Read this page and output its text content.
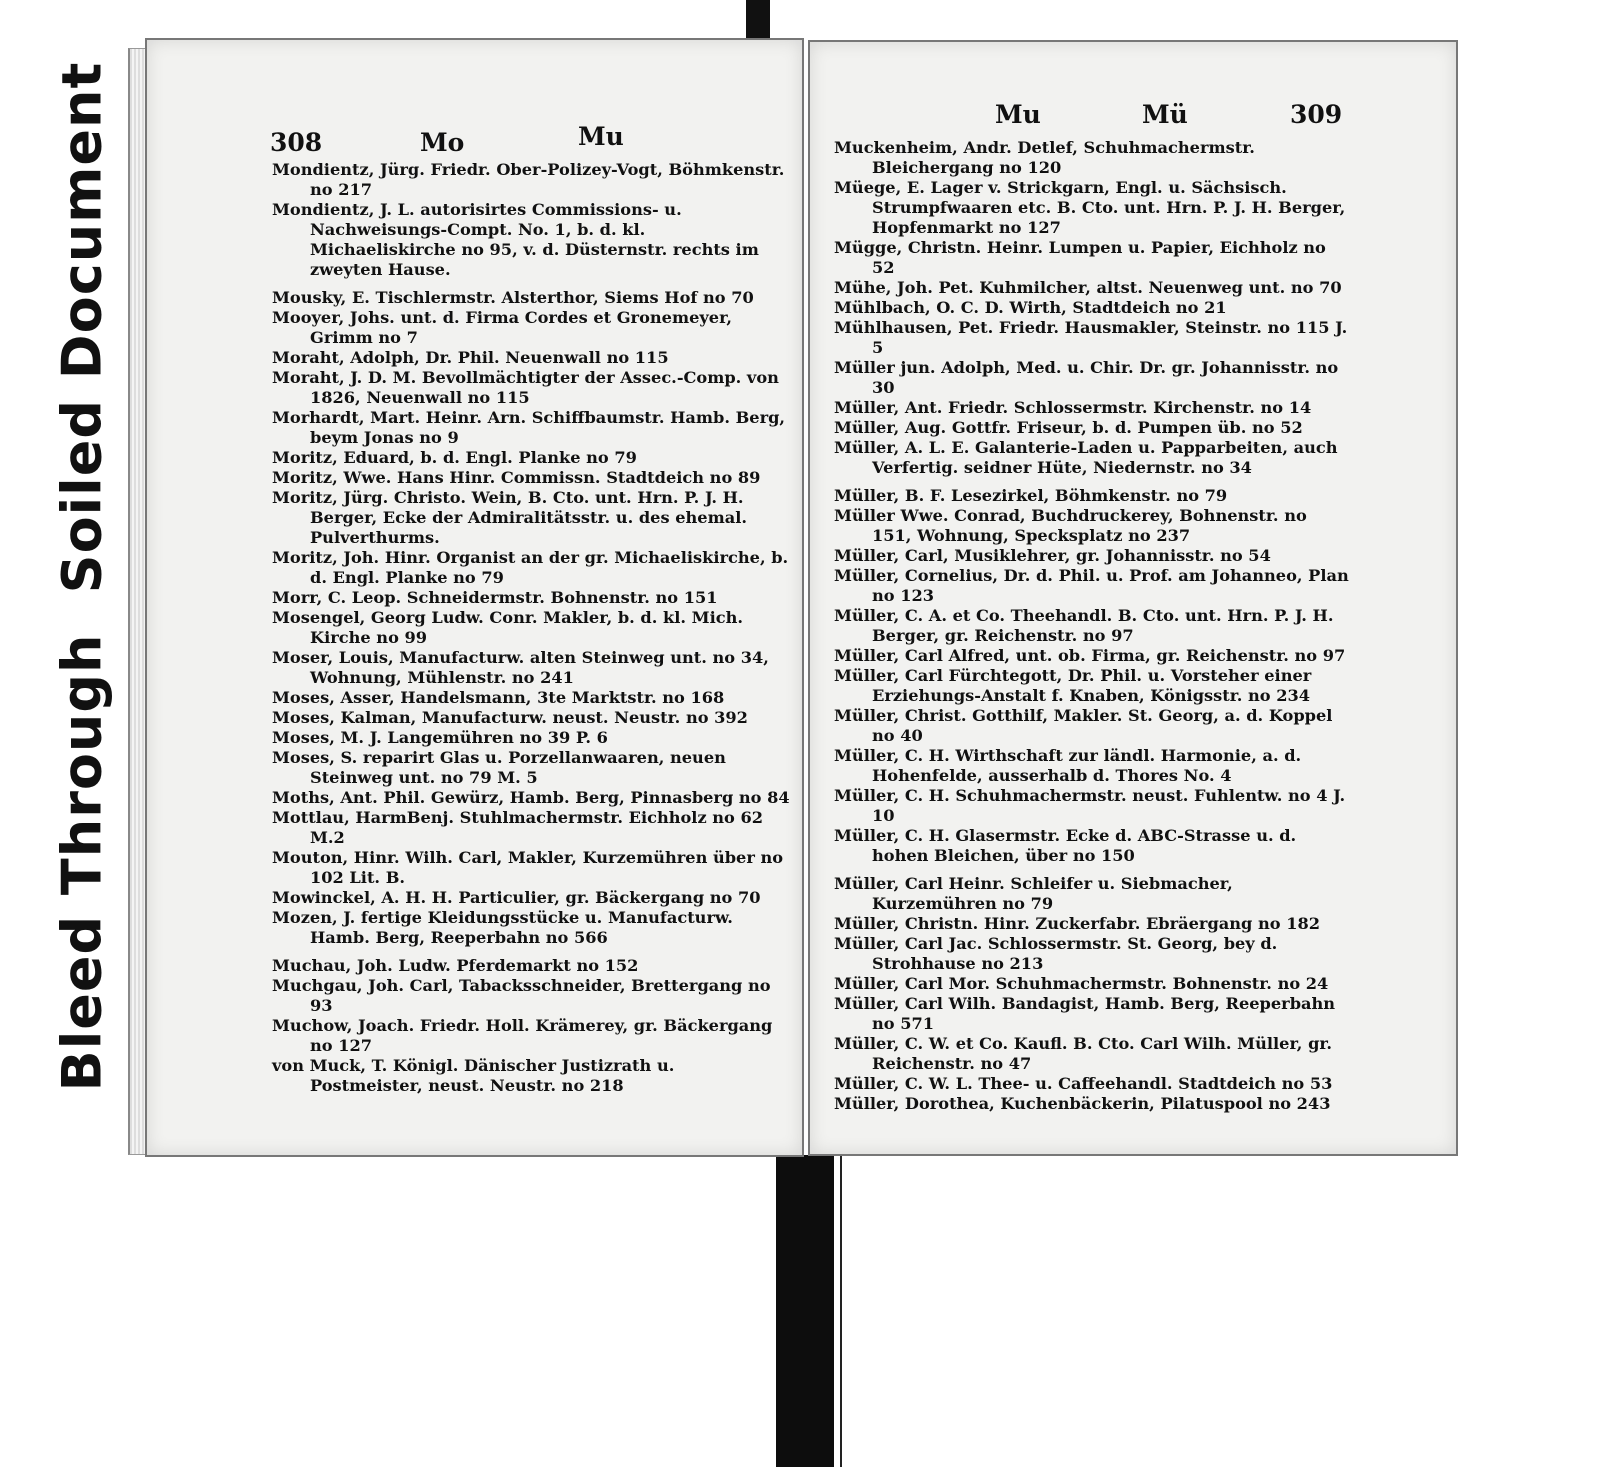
Soiled Document
Bleed Through
308	Mo	Mu
Mu	Mü	309

Mondientz, Jürg. Friedr. Ober-Polizey-Vogt, Böhmkenstr. no 217

Mondientz, J. L. autorisirtes Commissions- u. Nachweisungs-Compt. No. 1, b. d. kl. Michaeliskirche no 95, v. d. Düsternstr. rechts im zweyten Hause.

Mousky, E. Tischlermstr. Alsterthor, Siems Hof no 70

Mooyer, Johs. unt. d. Firma Cordes et Gronemeyer, Grimm no 7

Moraht, Adolph, Dr. Phil. Neuenwall no 115

Moraht, J. D. M. Bevollmächtigter der Assec.-Comp. von 1826, Neuenwall no 115

Morhardt, Mart. Heinr. Arn. Schiffbaumstr. Hamb. Berg, beym Jonas no 9

Moritz, Eduard, b. d. Engl. Planke no 79

Moritz, Wwe. Hans Hinr. Commissn. Stadtdeich no 89

Moritz, Jürg. Christo. Wein, B. Cto. unt. Hrn. P. J. H. Berger, Ecke der Admiralitätsstr. u. des ehemal. Pulverthurms.

Moritz, Joh. Hinr. Organist an der gr. Michaeliskirche, b. d. Engl. Planke no 79

Morr, C. Leop. Schneidermstr. Bohnenstr. no 151

Mosengel, Georg Ludw. Conr. Makler, b. d. kl. Mich. Kirche no 99

Moser, Louis, Manufacturw. alten Steinweg unt. no 34, Wohnung, Mühlenstr. no 241

Moses, Asser, Handelsmann, 3te Marktstr. no 168

Moses, Kalman, Manufacturw. neust. Neustr. no 392

Moses, M. J. Langemühren no 39 P. 6

Moses, S. reparirt Glas u. Porzellanwaaren, neuen Steinweg unt. no 79 M. 5

Moths, Ant. Phil. Gewürz, Hamb. Berg, Pinnasberg no 84

Mottlau, HarmBenj. Stuhlmachermstr. Eichholz no 62 M.2

Mouton, Hinr. Wilh. Carl, Makler, Kurzemühren über no 102 Lit. B.

Mowinckel, A. H. H. Particulier, gr. Bäckergang no 70

Mozen, J. fertige Kleidungsstücke u. Manufacturw. Hamb. Berg, Reeperbahn no 566

Muchau, Joh. Ludw. Pferdemarkt no 152

Muchgau, Joh. Carl, Tabacksschneider, Brettergang no 93

Muchow, Joach. Friedr. Holl. Krämerey, gr. Bäckergang no 127

von Muck, T. Königl. Dänischer Justizrath u. Postmeister, neust. Neustr. no 218

Muckenheim, Andr. Detlef, Schuhmachermstr. Bleichergang no 120

Müege, E. Lager v. Strickgarn, Engl. u. Sächsisch. Strumpfwaaren etc. B. Cto. unt. Hrn. P. J. H. Berger, Hopfenmarkt no 127

Mügge, Christn. Heinr. Lumpen u. Papier, Eichholz no 52

Mühe, Joh. Pet. Kuhmilcher, altst. Neuenweg unt. no 70

Mühlbach, O. C. D. Wirth, Stadtdeich no 21

Mühlhausen, Pet. Friedr. Hausmakler, Steinstr. no 115 J. 5

Müller jun. Adolph, Med. u. Chir. Dr. gr. Johannisstr. no 30

Müller, Ant. Friedr. Schlossermstr. Kirchenstr. no 14

Müller, Aug. Gottfr. Friseur, b. d. Pumpen üb. no 52

Müller, A. L. E. Galanterie-Laden u. Papparbeiten, auch Verfertig. seidner Hüte, Niedernstr. no 34

Müller, B. F. Lesezirkel, Böhmkenstr. no 79

Müller Wwe. Conrad, Buchdruckerey, Bohnenstr. no 151, Wohnung, Specksplatz no 237

Müller, Carl, Musiklehrer, gr. Johannisstr. no 54

Müller, Cornelius, Dr. d. Phil. u. Prof. am Johanneo, Plan no 123

Müller, C. A. et Co. Theehandl. B. Cto. unt. Hrn. P. J. H. Berger, gr. Reichenstr. no 97

Müller, Carl Alfred, unt. ob. Firma, gr. Reichenstr. no 97

Müller, Carl Fürchtegott, Dr. Phil. u. Vorsteher einer Erziehungs-Anstalt f. Knaben, Königsstr. no 234

Müller, Christ. Gotthilf, Makler. St. Georg, a. d. Koppel no 40

Müller, C. H. Wirthschaft zur ländl. Harmonie, a. d. Hohenfelde, ausserhalb d. Thores No. 4

Müller, C. H. Schuhmachermstr. neust. Fuhlentw. no 4 J. 10

Müller, C. H. Glasermstr. Ecke d. ABC-Strasse u. d. hohen Bleichen, über no 150

Müller, Carl Heinr. Schleifer u. Siebmacher, Kurzemühren no 79

Müller, Christn. Hinr. Zuckerfabr. Ebräergang no 182

Müller, Carl Jac. Schlossermstr. St. Georg, bey d. Strohhause no 213

Müller, Carl Mor. Schuhmachermstr. Bohnenstr. no 24

Müller, Carl Wilh. Bandagist, Hamb. Berg, Reeperbahn no 571

Müller, C. W. et Co. Kaufl. B. Cto. Carl Wilh. Müller, gr. Reichenstr. no 47

Müller, C. W. L. Thee- u. Caffeehandl. Stadtdeich no 53

Müller, Dorothea, Kuchenbäckerin, Pilatuspool no 243
